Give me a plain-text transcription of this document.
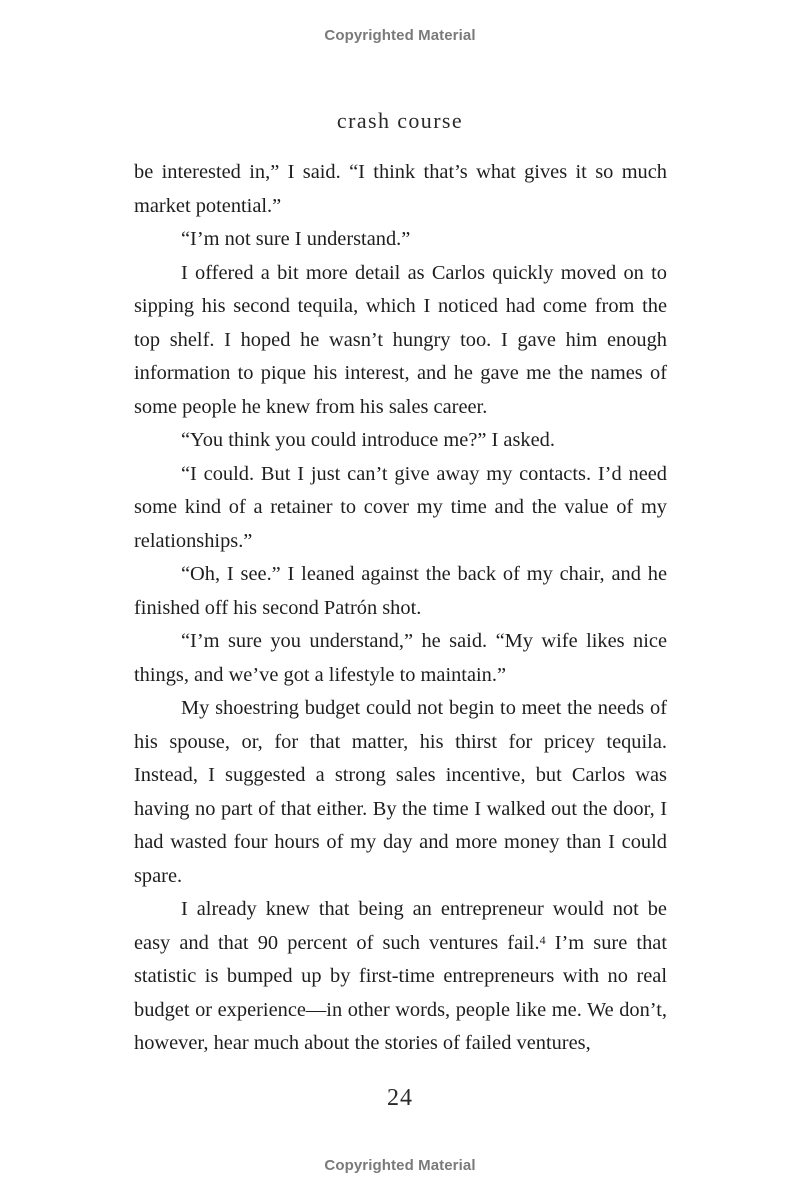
Copyrighted Material
crash course

be interested in,” I said. “I think that’s what gives it so much market potential.”

“I’m not sure I understand.”

I offered a bit more detail as Carlos quickly moved on to sipping his second tequila, which I noticed had come from the top shelf. I hoped he wasn’t hungry too. I gave him enough information to pique his interest, and he gave me the names of some people he knew from his sales career.

“You think you could introduce me?” I asked.

“I could. But I just can’t give away my contacts. I’d need some kind of a retainer to cover my time and the value of my relationships.”

“Oh, I see.” I leaned against the back of my chair, and he finished off his second Patrón shot.

“I’m sure you understand,” he said. “My wife likes nice things, and we’ve got a lifestyle to maintain.”

My shoestring budget could not begin to meet the needs of his spouse, or, for that matter, his thirst for pricey tequila. Instead, I suggested a strong sales incentive, but Carlos was having no part of that either. By the time I walked out the door, I had wasted four hours of my day and more money than I could spare.

I already knew that being an entrepreneur would not be easy and that 90 percent of such ventures fail.$^4$ I’m sure that statistic is bumped up by first-time entrepreneurs with no real budget or experience—in other words, people like me. We don’t, however, hear much about the stories of failed ventures,

24
Copyrighted Material
